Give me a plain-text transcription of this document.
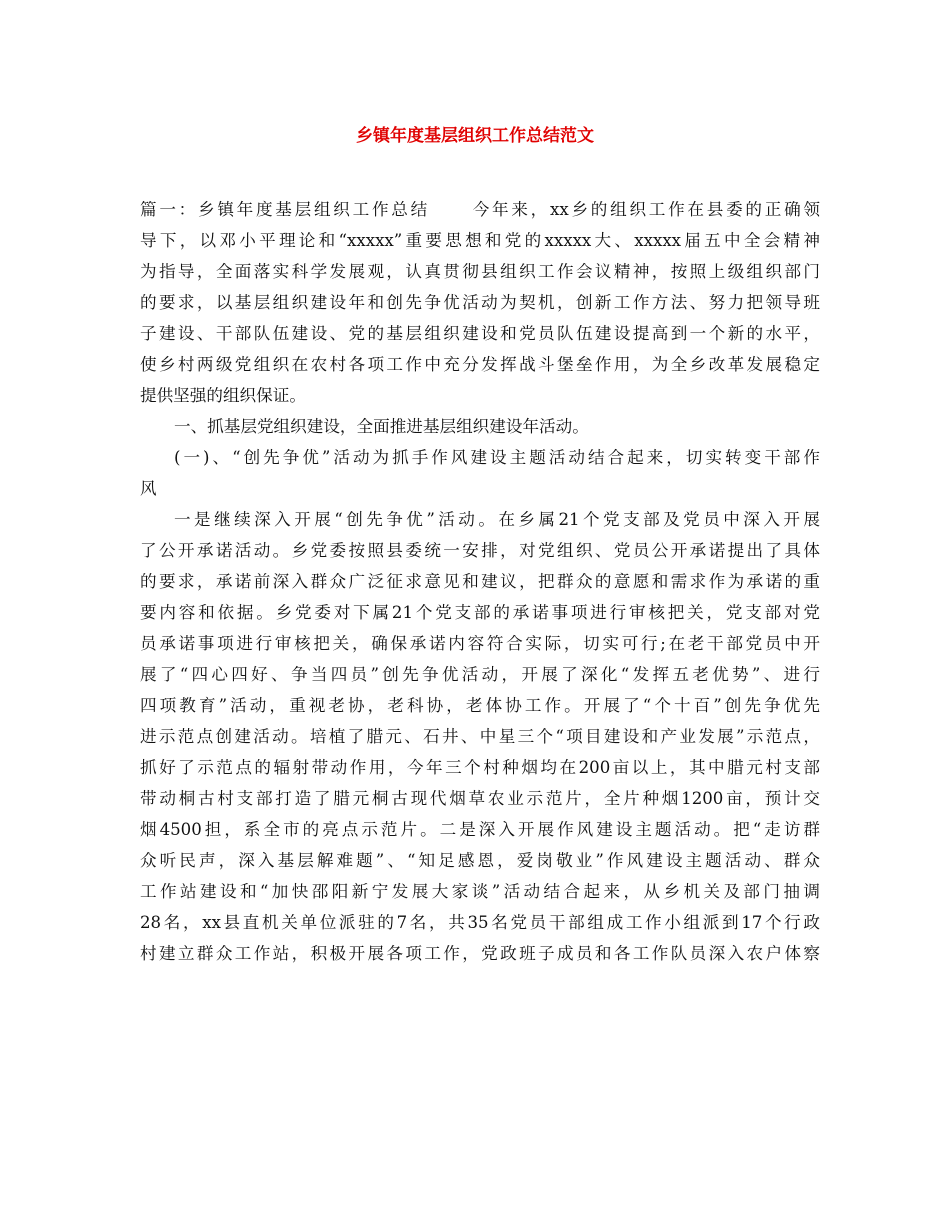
乡镇年度基层组织工作总结范文
篇一：乡镇年度基层组织工作总结 今年来，xx乡的组织工作在县委的正确领
导下，以邓小平理论和“xxxxx”重要思想和党的xxxxx大、xxxxx届五中全会精神
为指导，全面落实科学发展观，认真贯彻县组织工作会议精神，按照上级组织部门
的要求，以基层组织建设年和创先争优活动为契机，创新工作方法、努力把领导班
子建设、干部队伍建设、党的基层组织建设和党员队伍建设提高到一个新的水平，
使乡村两级党组织在农村各项工作中充分发挥战斗堡垒作用，为全乡改革发展稳定
提供坚强的组织保证。
一、抓基层党组织建设，全面推进基层组织建设年活动。
(一)、“创先争优”活动为抓手作风建设主题活动结合起来，切实转变干部作
风
一是继续深入开展“创先争优”活动。在乡属21个党支部及党员中深入开展
了公开承诺活动。乡党委按照县委统一安排，对党组织、党员公开承诺提出了具体
的要求，承诺前深入群众广泛征求意见和建议，把群众的意愿和需求作为承诺的重
要内容和依据。乡党委对下属21个党支部的承诺事项进行审核把关，党支部对党
员承诺事项进行审核把关，确保承诺内容符合实际，切实可行;在老干部党员中开
展了“四心四好、争当四员”创先争优活动，开展了深化“发挥五老优势”、进行
四项教育”活动，重视老协，老科协，老体协工作。开展了“个十百”创先争优先
进示范点创建活动。培植了腊元、石井、中星三个“项目建设和产业发展”示范点，
抓好了示范点的辐射带动作用，今年三个村种烟均在200亩以上，其中腊元村支部
带动桐古村支部打造了腊元桐古现代烟草农业示范片，全片种烟1200亩，预计交
烟4500担，系全市的亮点示范片。二是深入开展作风建设主题活动。把“走访群
众听民声，深入基层解难题”、“知足感恩，爱岗敬业”作风建设主题活动、群众
工作站建设和“加快邵阳新宁发展大家谈”活动结合起来，从乡机关及部门抽调
28名，xx县直机关单位派驻的7名，共35名党员干部组成工作小组派到17个行政
村建立群众工作站，积极开展各项工作，党政班子成员和各工作队员深入农户体察
